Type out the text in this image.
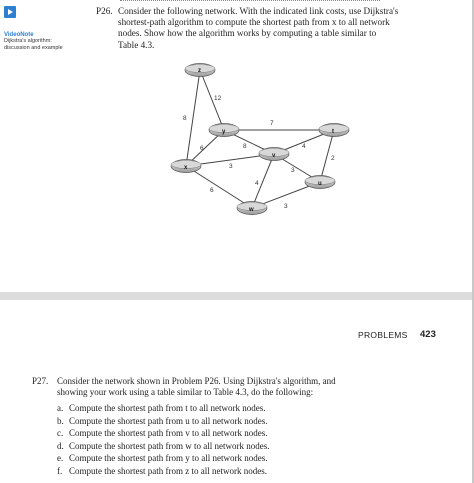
VideoNote
Dijkstra's algorithm:
discussion and example
P26. Consider the following network. With the indicated link costs, use Dijkstra's
shortest-path algorithm to compute the shortest path from x to all network
nodes. Show how the algorithm works by computing a table similar to
Table 4.3.
12
8
7
6	8	4
3
2
3
4
6
3
z
y	t
v
x
u
w
PROBLEMS 423
P27. Consider the network shown in Problem P26. Using Dijkstra's algorithm, and
showing your work using a table similar to Table 4.3, do the following:
a. Compute the shortest path from t to all network nodes.
b. Compute the shortest path from u to all network nodes.
c. Compute the shortest path from v to all network nodes.
d. Compute the shortest path from w to all network nodes.
e. Compute the shortest path from y to all network nodes.
f. Compute the shortest path from z to all network nodes.
